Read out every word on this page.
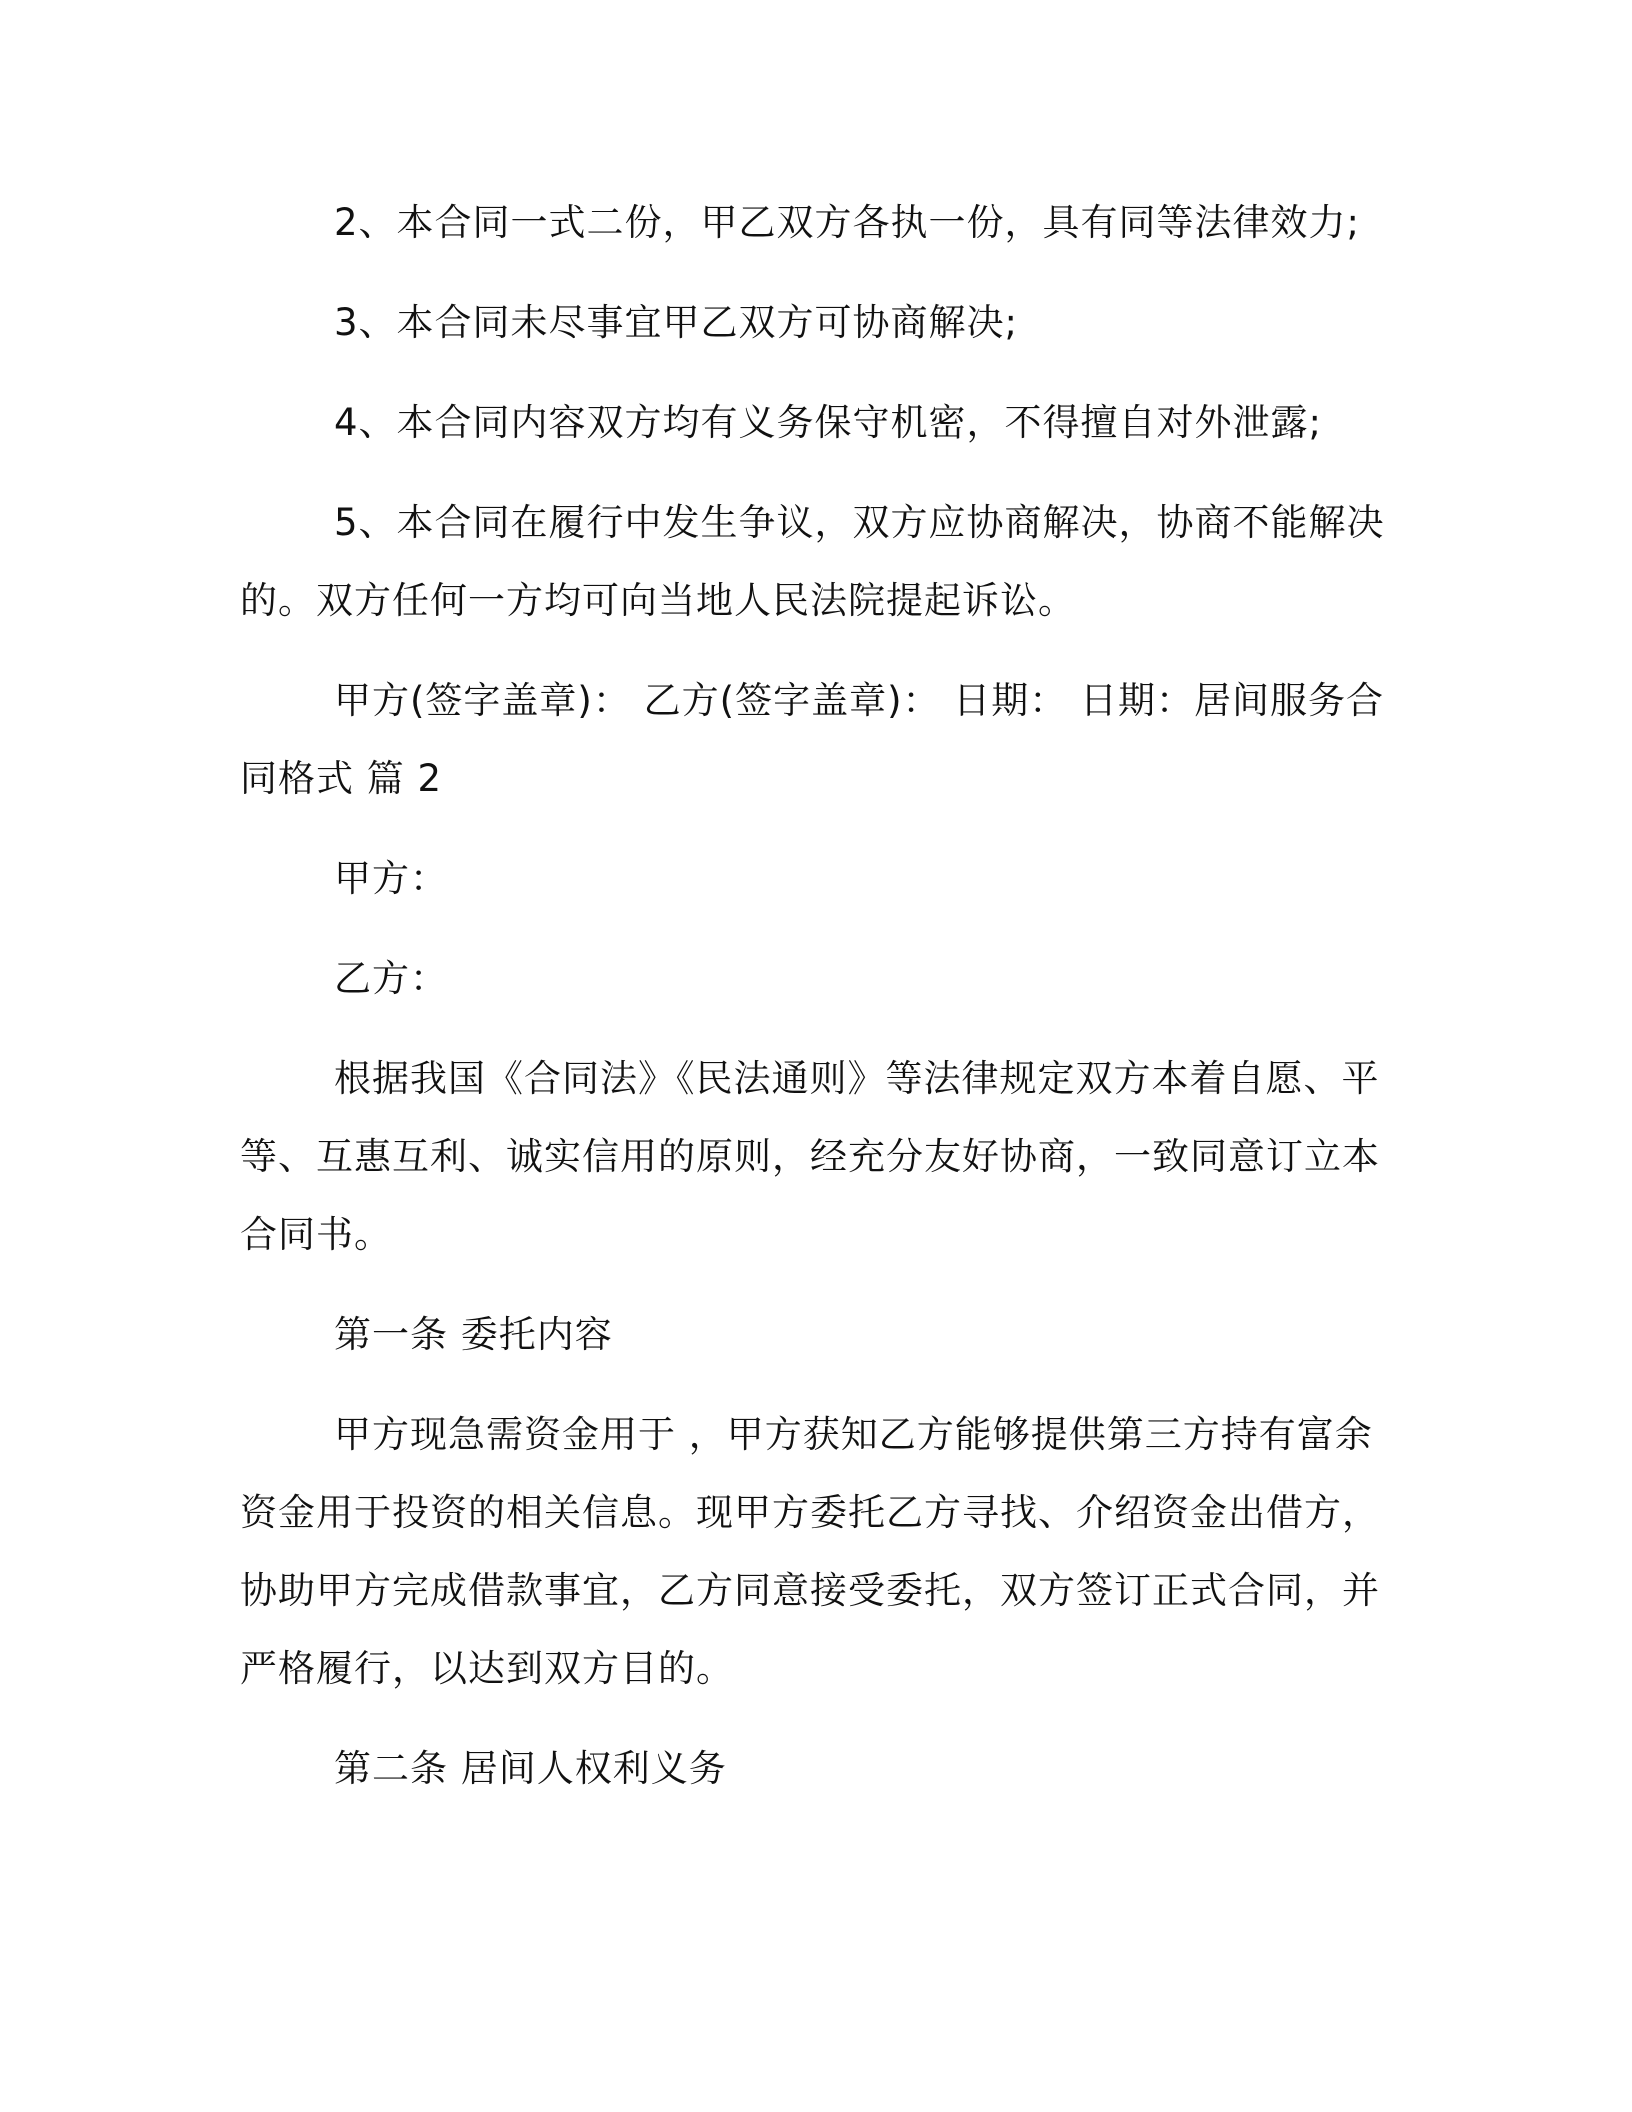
2、本合同一式二份，甲乙双方各执一份，具有同等法律效力;

3、本合同未尽事宜甲乙双方可协商解决;

4、本合同内容双方均有义务保守机密，不得擅自对外泄露;

5、本合同在履行中发生争议，双方应协商解决，协商不能解决的。双方任何一方均可向当地人民法院提起诉讼。

甲方(签字盖章)： 乙方(签字盖章)： 日期： 日期：居间服务合同格式 篇 2

甲方：

乙方：

根据我国《合同法》《民法通则》等法律规定双方本着自愿、平等、互惠互利、诚实信用的原则，经充分友好协商，一致同意订立本合同书。

第一条 委托内容

甲方现急需资金用于 ，甲方获知乙方能够提供第三方持有富余资金用于投资的相关信息。现甲方委托乙方寻找、介绍资金出借方，协助甲方完成借款事宜，乙方同意接受委托，双方签订正式合同，并严格履行，以达到双方目的。

第二条 居间人权利义务
